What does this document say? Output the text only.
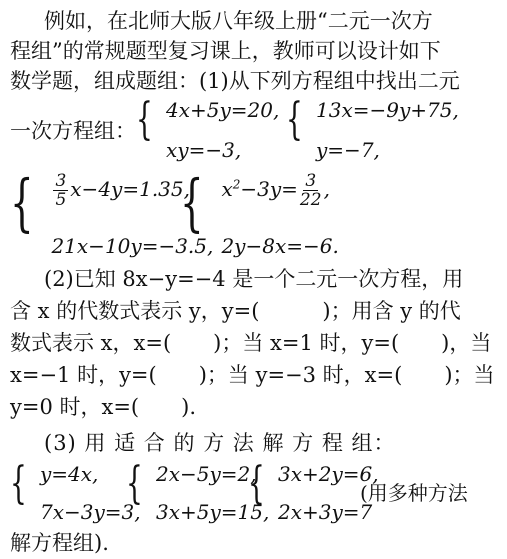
例如，在北师大版八年级上册“二元一次方
程组”的常规题型复习课上，教师可以设计如下
数学题，组成题组：(1)从下列方程组中找出二元
一次方程组： { 4x+5y=20,
xy=−3,
{ 13x=−9y+75,
y=−7,
{ $\frac{3}{5} x-4y=1.35$,
21x−10y=−3.5,
{ $x^2-3y= \frac{3}{22}$ ,
2y−8x=−6.
(2)已知 8x−y=−4 是一个二元一次方程，用
含 x 的代数式表示 y，y=(　　　)；用含 y 的代
数式表示 x，x=(　　)；当 x=1 时，y=(　　)，当
x=−1 时，y=(　　)；当 y=−3 时，x=(　　)；当
y=0 时，x=(　　).
(3) 用 适 合 的 方 法 解 方 程 组：
{ y=4x,
7x−3y=3,
{ 2x−5y=2,
3x+5y=15,
{ 3x+2y=6,
2x+3y=7
(用多种方法
解方程组).
